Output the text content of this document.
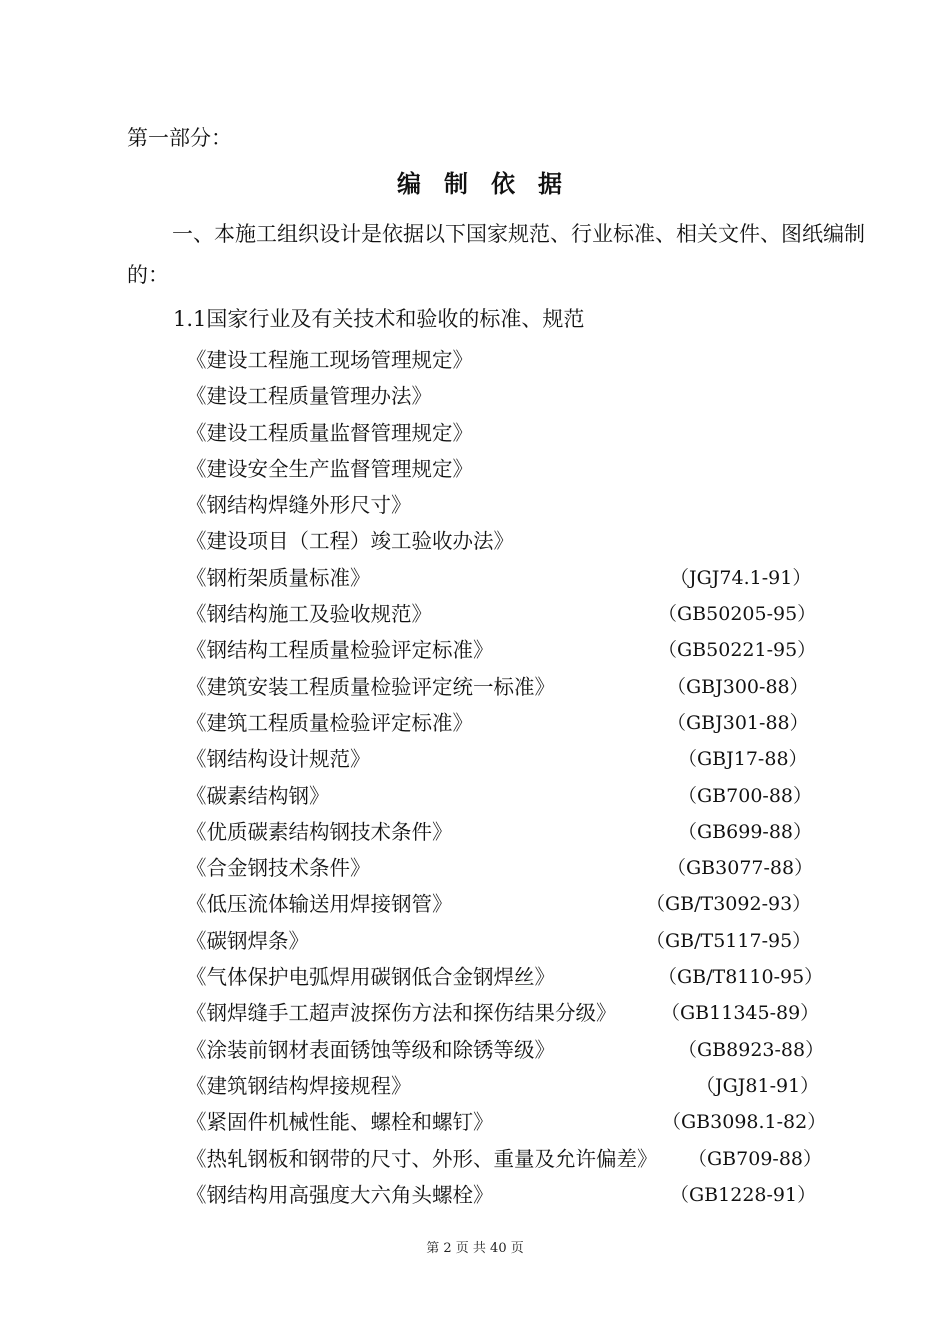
第一部分：
编制依据

一、本施工组织设计是依据以下国家规范、行业标准、相关文件、图纸编制的：

1.1国家行业及有关技术和验收的标准、规范
《建设工程施工现场管理规定》
《建设工程质量管理办法》
《建设工程质量监督管理规定》
《建设安全生产监督管理规定》
《钢结构焊缝外形尺寸》
《建设项目（工程）竣工验收办法》
《钢桁架质量标准》	（JGJ74.1-91）
《钢结构施工及验收规范》	（GB50205-95）
《钢结构工程质量检验评定标准》	（GB50221-95）
《建筑安装工程质量检验评定统一标准》	（GBJ300-88）
《建筑工程质量检验评定标准》	（GBJ301-88）
《钢结构设计规范》	（GBJ17-88）
《碳素结构钢》	（GB700-88）
《优质碳素结构钢技术条件》	（GB699-88）
《合金钢技术条件》	（GB3077-88）
《低压流体输送用焊接钢管》	（GB/T3092-93）
《碳钢焊条》	（GB/T5117-95）
《气体保护电弧焊用碳钢低合金钢焊丝》	（GB/T8110-95）
《钢焊缝手工超声波探伤方法和探伤结果分级》 （GB11345-89）
《涂装前钢材表面锈蚀等级和除锈等级》	（GB8923-88）
《建筑钢结构焊接规程》	（JGJ81-91）
《紧固件机械性能、螺栓和螺钉》	（GB3098.1-82）
《热轧钢板和钢带的尺寸、外形、重量及允许偏差》 （GB709-88）
《钢结构用高强度大六角头螺栓》	（GB1228-91）
第 2 页 共 40 页
